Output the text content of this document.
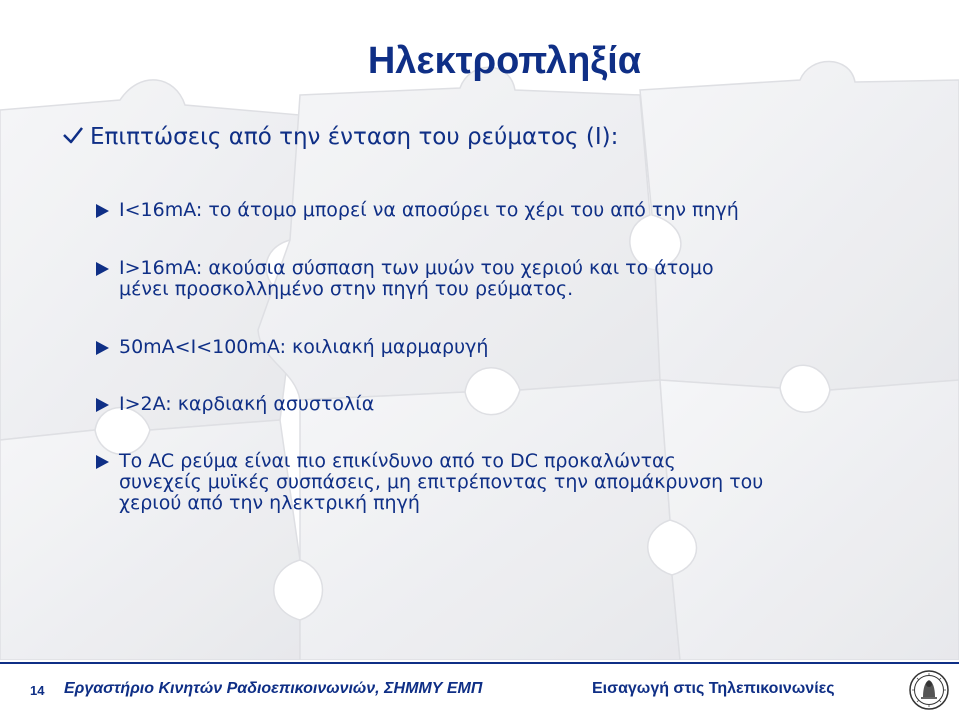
Ηλεκτροπληξία
Επιπτώσεις από την ένταση του ρεύματος (I):
I<16mA: το άτομο μπορεί να αποσύρει το χέρι του από την πηγή
I>16mA: ακούσια σύσπαση των μυών του χεριού και το άτομο
μένει προσκολλημένο στην πηγή του ρεύματος.
50mA<I<100mA: κοιλιακή μαρμαρυγή
I>2A: καρδιακή ασυστολία
Το AC ρεύμα είναι πιο επικίνδυνο από το DC προκαλώντας
συνεχείς μυϊκές συσπάσεις, μη επιτρέποντας την απομάκρυνση του
χεριού από την ηλεκτρική πηγή
14 Εργαστήριο Κινητών Ραδιοεπικοινωνιών, ΣΗΜΜΥ ΕΜΠ	Εισαγωγή στις Τηλεπικοινωνίες
